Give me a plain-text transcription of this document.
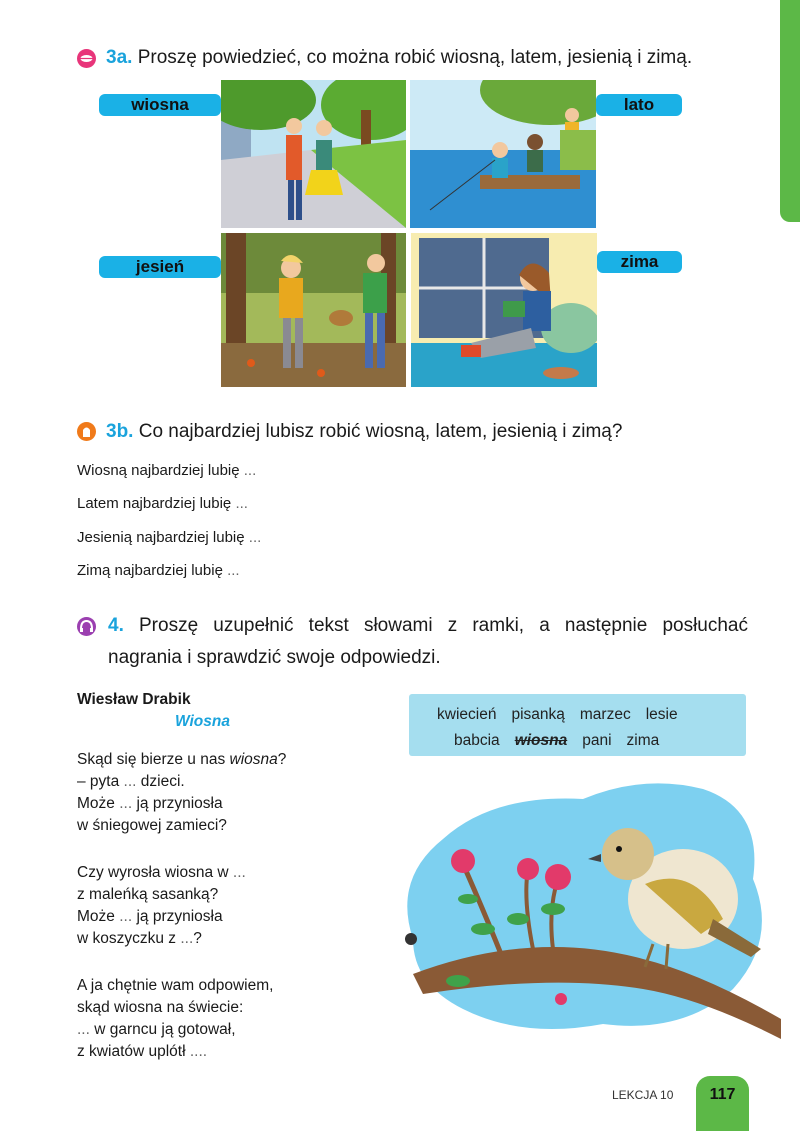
3a. Proszę powiedzieć, co można robić wiosną, latem, jesienią i zimą.
wiosna	lato
jesień	zima
3b. Co najbardziej lubisz robić wiosną, latem, jesienią i zimą?
Wiosną najbardziej lubię ...
Latem najbardziej lubię ...
Jesienią najbardziej lubię ...
Zimą najbardziej lubię ...
4. Proszę uzupełnić tekst słowami z ramki, a następnie posłuchać
nagrania i sprawdzić swoje odpowiedzi.
Wiesław Drabik
Wiosna
Skąd się bierze u nas wiosna?
– pyta ... dzieci.
Może ... ją przyniosła
w śniegowej zamieci?
Czy wyrosła wiosna w ...
z maleńką sasanką?
Może ... ją przyniosła
w koszyczku z ...?
A ja chętnie wam odpowiem,
skąd wiosna na świecie:
... w garncu ją gotował,
z kwiatów uplótł ....
kwiecień pisanką marzec lesie
babcia wiosna pani zima
LEKCJA 10	117
